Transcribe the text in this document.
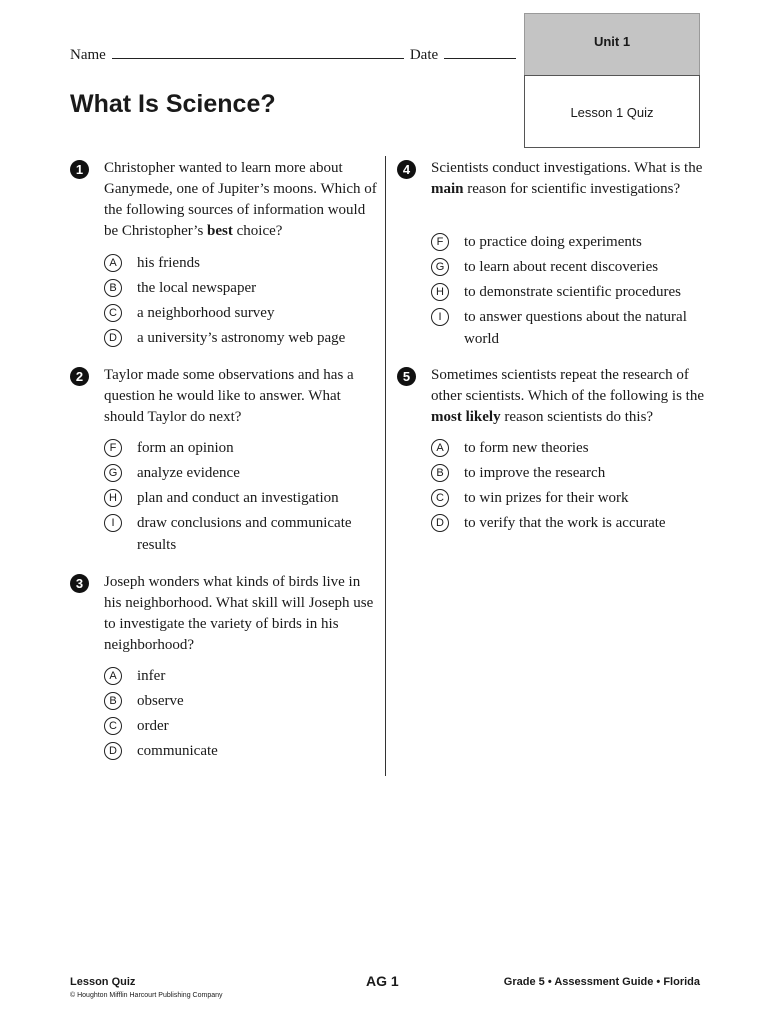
Unit 1
Lesson 1 Quiz
Name	Date
What Is Science?
1	Christopher wanted to learn more about Ganymede, one of Jupiter’s moons. Which of the following sources of information would be Christopher’s best choice?

A	his friends
B	the local newspaper
C	a neighborhood survey
D	a university’s astronomy web page
2	Taylor made some observations and has a question he would like to answer. What should Taylor do next?

F	form an opinion
G	analyze evidence
H	plan and conduct an investigation
I	draw conclusions and communicate results
3	Joseph wonders what kinds of birds live in his neighborhood. What skill will Joseph use to investigate the variety of birds in his neighborhood?

A	infer
B	observe
C	order
D	communicate
4	Scientists conduct investigations. What is the main reason for scientific investigations?

F	to practice doing experiments
G	to learn about recent discoveries
H	to demonstrate scientific procedures
I	to answer questions about the natural world
5	Sometimes scientists repeat the research of other scientists. Which of the following is the most likely reason scientists do this?

A	to form new theories
B	to improve the research
C	to win prizes for their work
D	to verify that the work is accurate
Lesson Quiz
© Houghton Mifflin Harcourt Publishing Company
AG 1	Grade 5 • Assessment Guide • Florida
